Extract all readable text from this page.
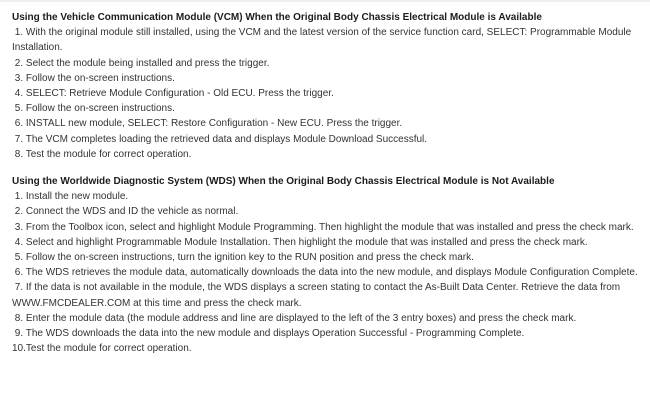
Using the Vehicle Communication Module (VCM) When the Original Body Chassis Electrical Module is Available

1. With the original module still installed, using the VCM and the latest version of the service function card, SELECT: Programmable Module Installation.

2. Select the module being installed and press the trigger.

3. Follow the on-screen instructions.

4. SELECT: Retrieve Module Configuration - Old ECU. Press the trigger.

5. Follow the on-screen instructions.

6. INSTALL new module, SELECT: Restore Configuration - New ECU. Press the trigger.

7. The VCM completes loading the retrieved data and displays Module Download Successful.

8. Test the module for correct operation.

Using the Worldwide Diagnostic System (WDS) When the Original Body Chassis Electrical Module is Not Available

1. Install the new module.

2. Connect the WDS and ID the vehicle as normal.

3. From the Toolbox icon, select and highlight Module Programming. Then highlight the module that was installed and press the check mark.

4. Select and highlight Programmable Module Installation. Then highlight the module that was installed and press the check mark.

5. Follow the on-screen instructions, turn the ignition key to the RUN position and press the check mark.

6. The WDS retrieves the module data, automatically downloads the data into the new module, and displays Module Configuration Complete.

7. If the data is not available in the module, the WDS displays a screen stating to contact the As-Built Data Center. Retrieve the data from WWW.FMCDEALER.COM at this time and press the check mark.

8. Enter the module data (the module address and line are displayed to the left of the 3 entry boxes) and press the check mark.

9. The WDS downloads the data into the new module and displays Operation Successful - Programming Complete.

10.Test the module for correct operation.
